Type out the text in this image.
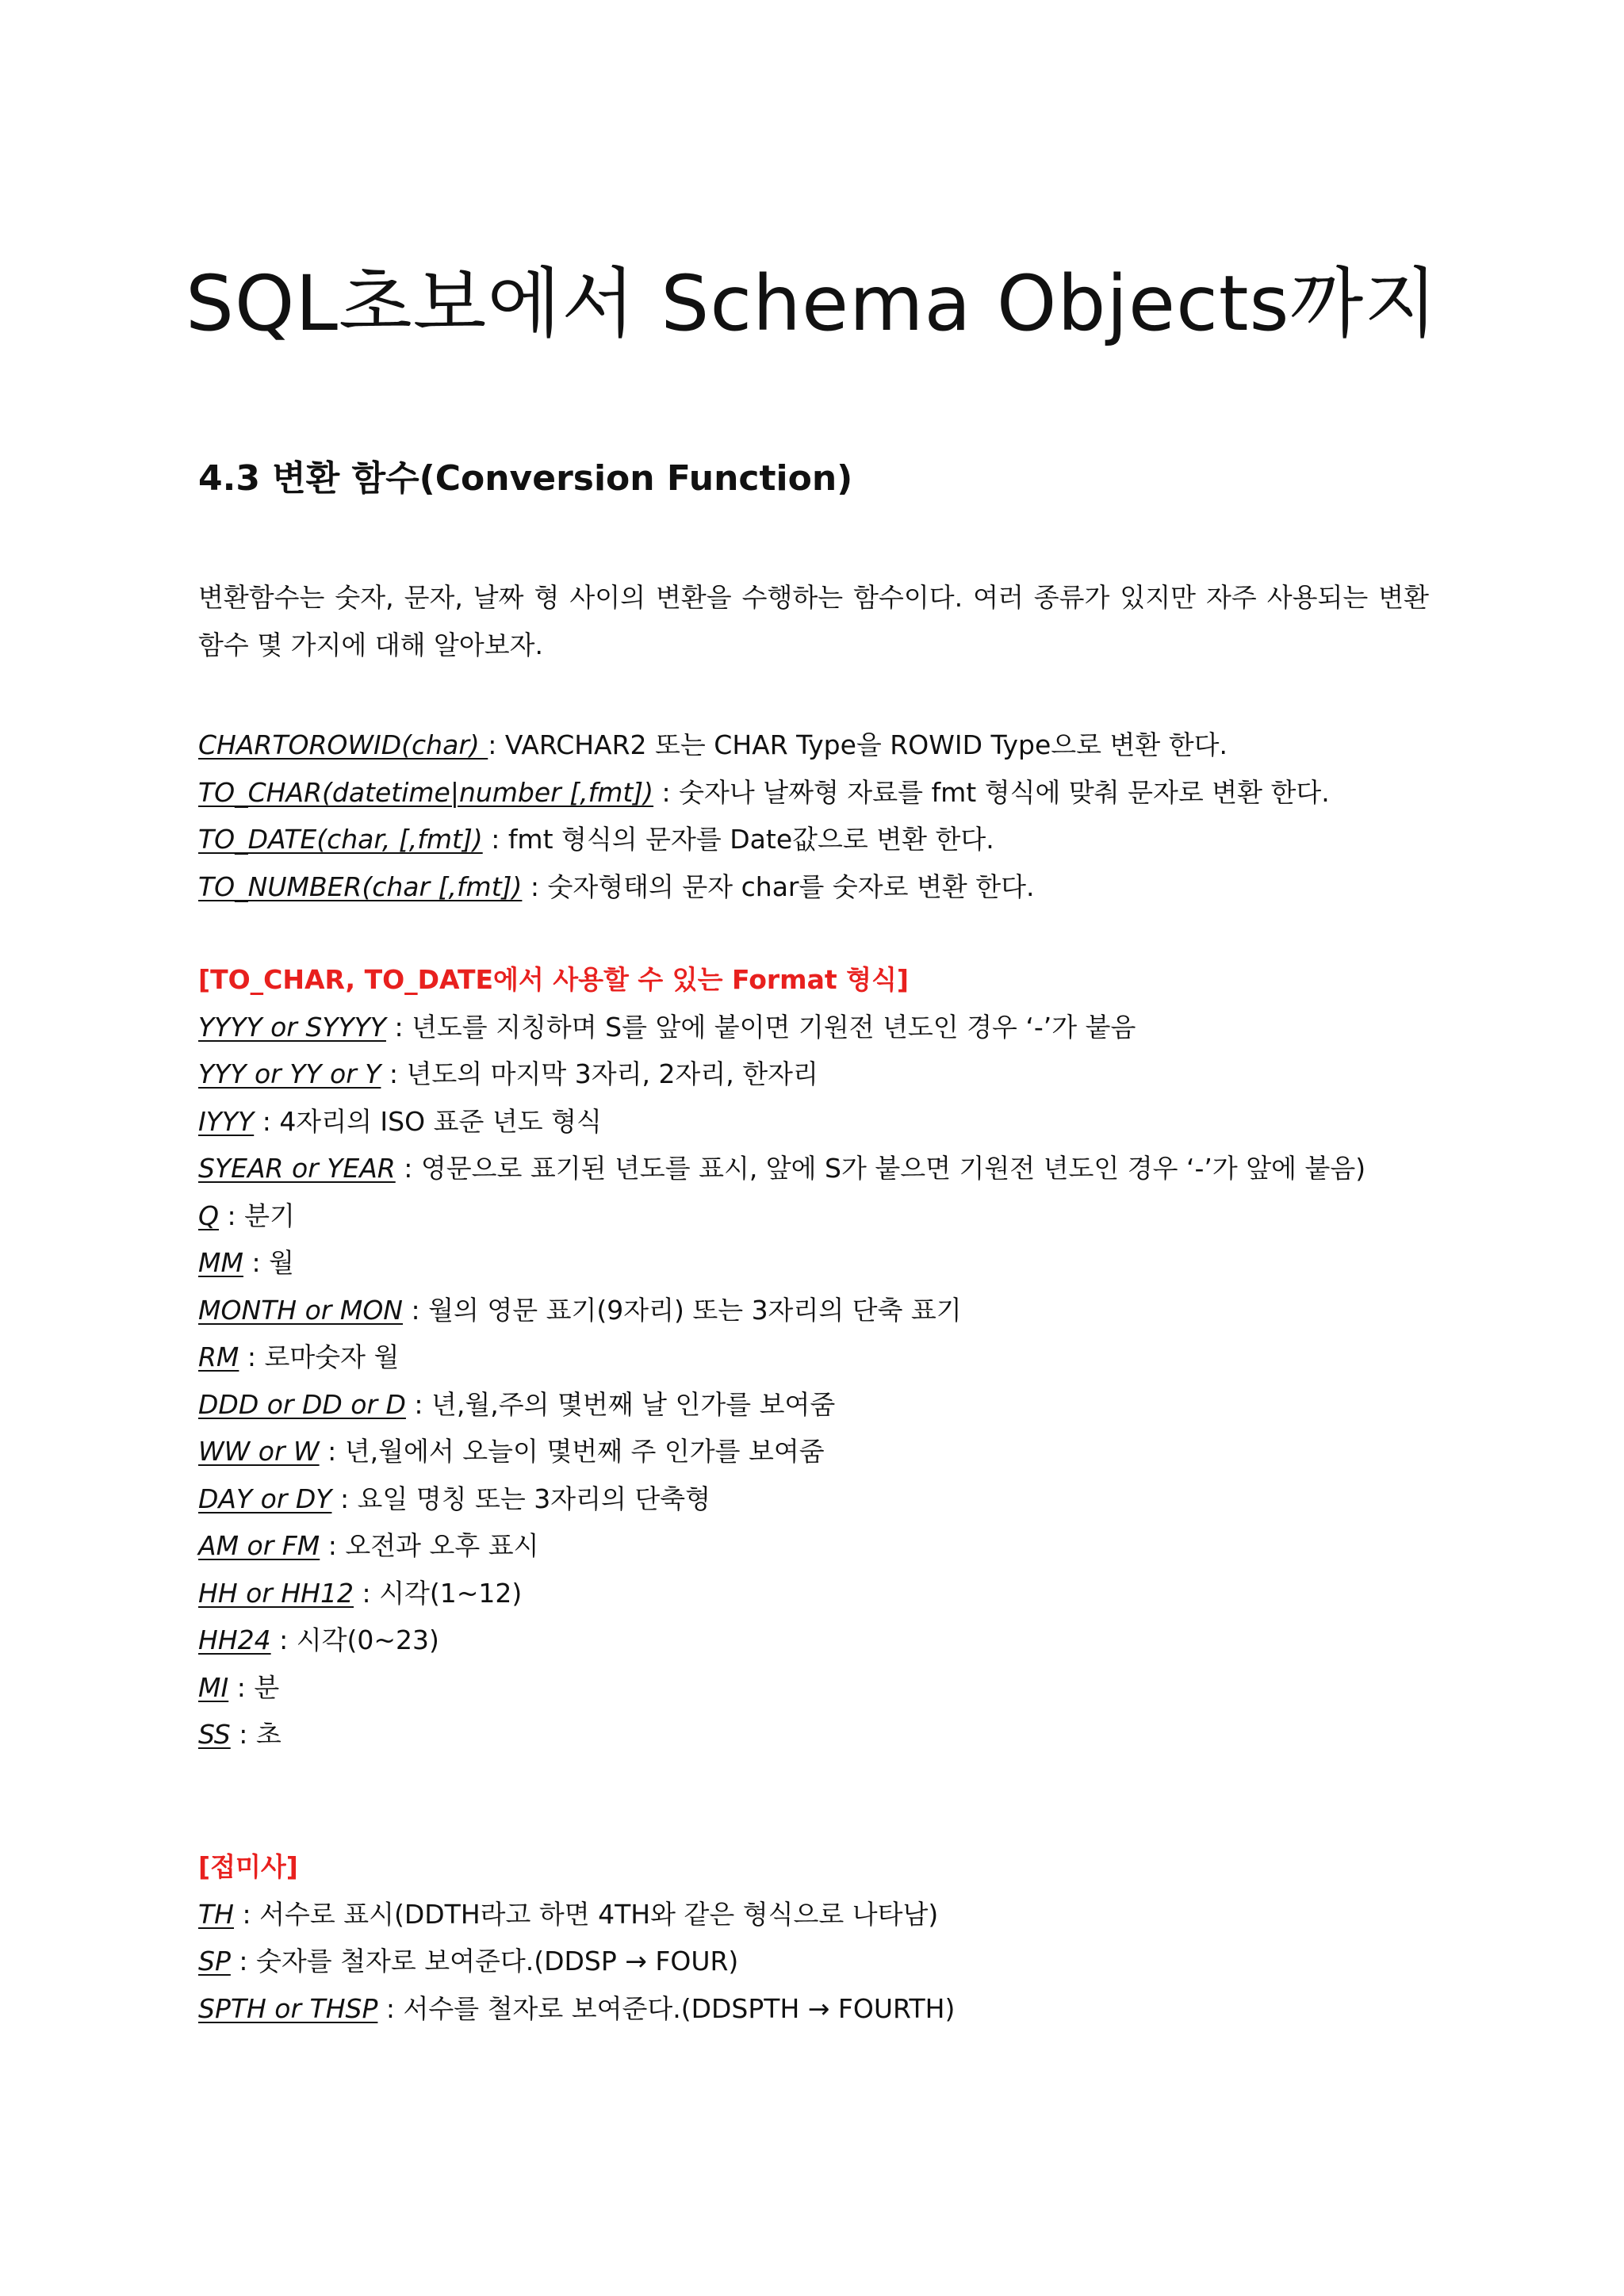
SQL초보에서 Schema Objects까지
4.3 변환 함수(Conversion Function)

변환함수는 숫자, 문자, 날짜 형 사이의 변환을 수행하는 함수이다. 여러 종류가 있지만 자주 사용되는 변환 함수 몇 가지에 대해 알아보자.

CHARTOROWID(char) : VARCHAR2 또는 CHAR Type을 ROWID Type으로 변환 한다.
TO_CHAR(datetime|number [,fmt]) : 숫자나 날짜형 자료를 fmt 형식에 맞춰 문자로 변환 한다.
TO_DATE(char, [,fmt]) : fmt 형식의 문자를 Date값으로 변환 한다.
TO_NUMBER(char [,fmt]) : 숫자형태의 문자 char를 숫자로 변환 한다.
[TO_CHAR, TO_DATE에서 사용할 수 있는 Format 형식]
YYYY or SYYYY : 년도를 지칭하며 S를 앞에 붙이면 기원전 년도인 경우 ‘-’가 붙음
YYY or YY or Y : 년도의 마지막 3자리, 2자리, 한자리
IYYY : 4자리의 ISO 표준 년도 형식
SYEAR or YEAR : 영문으로 표기된 년도를 표시, 앞에 S가 붙으면 기원전 년도인 경우 ‘-’가 앞에 붙음)
Q : 분기
MM : 월
MONTH or MON : 월의 영문 표기(9자리) 또는 3자리의 단축 표기
RM : 로마숫자 월
DDD or DD or D : 년,월,주의 몇번째 날 인가를 보여줌
WW or W : 년,월에서 오늘이 몇번째 주 인가를 보여줌
DAY or DY : 요일 명칭 또는 3자리의 단축형
AM or FM : 오전과 오후 표시
HH or HH12 : 시각(1~12)
HH24 : 시각(0~23)
MI : 분
SS : 초
[접미사]
TH : 서수로 표시(DDTH라고 하면 4TH와 같은 형식으로 나타남)
SP : 숫자를 철자로 보여준다.(DDSP → FOUR)
SPTH or THSP : 서수를 철자로 보여준다.(DDSPTH → FOURTH)
